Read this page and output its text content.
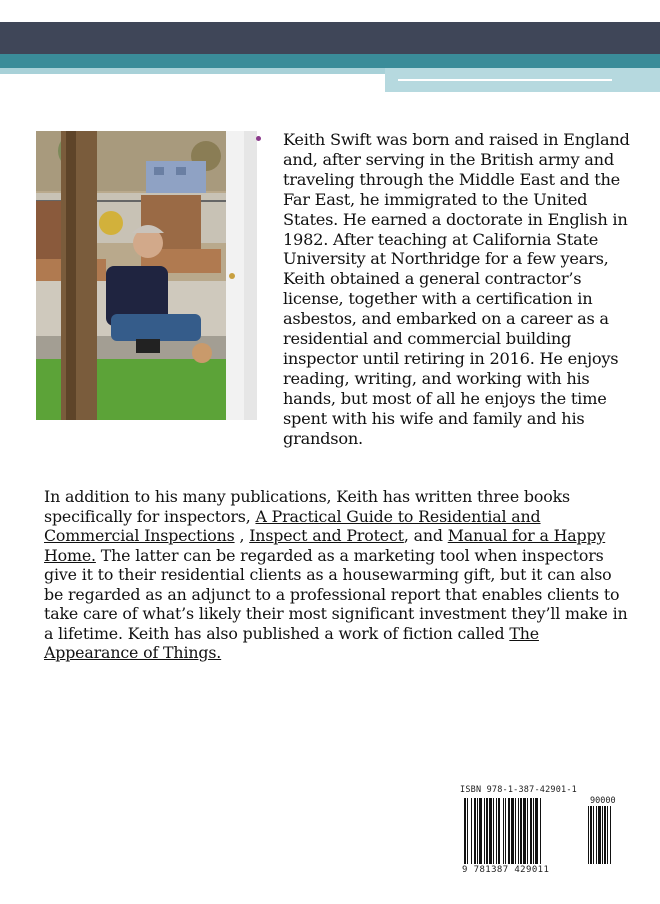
Keith Swift was born and raised in England and, after serving in the British army and traveling through the Middle East and the Far East, he immigrated to the United States. He earned a doctorate in English in 1982. After teaching at California State University at Northridge for a few years, Keith obtained a general contractor’s license, together with a certification in asbestos, and embarked on a career as a residential and commercial building inspector until retiring in 2016. He enjoys reading, writing, and working with his hands, but most of all he enjoys the time spent with his wife and family and his grandson.
In addition to his many publications, Keith has written three books specifically for inspectors, A Practical Guide to Residential and Commercial Inspections , Inspect and Protect, and Manual for a Happy Home. The latter can be regarded as a marketing tool when inspectors give it to their residential clients as a housewarming gift, but it can also be regarded as an adjunct to a professional report that enables clients to take care of what’s likely their most significant investment they’ll make in a lifetime. Keith has also published a work of fiction called The Appearance of Things.
ISBN 978-1-387-42901-1
90000
9 781387 429011
